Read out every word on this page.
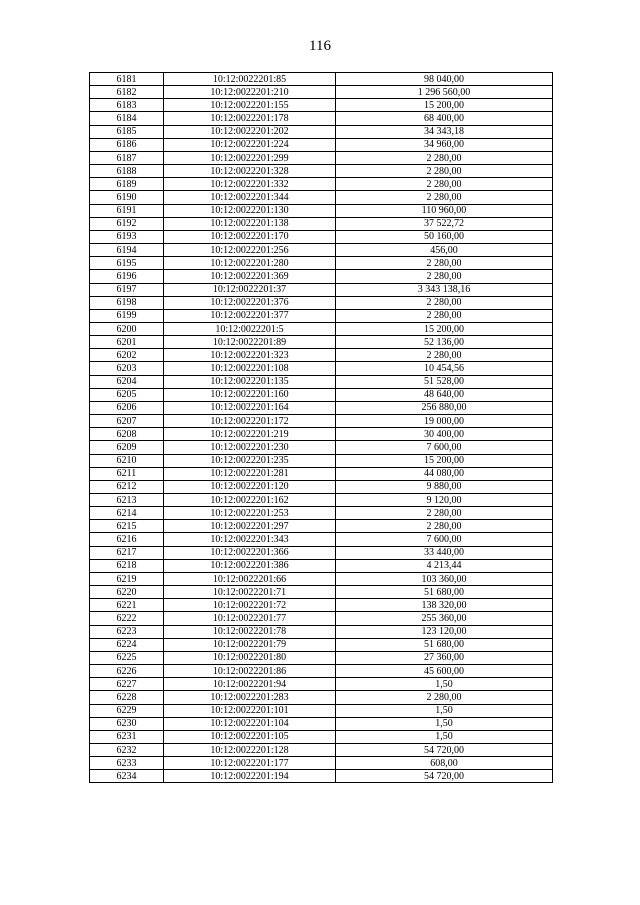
116
6181	10:12:0022201:85	98 040,00
6182	10:12:0022201:210	1 296 560,00
6183	10:12:0022201:155	15 200,00
6184	10:12:0022201:178	68 400,00
6185	10:12:0022201:202	34 343,18
6186	10:12:0022201:224	34 960,00
6187	10:12:0022201:299	2 280,00
6188	10:12:0022201:328	2 280,00
6189	10:12:0022201:332	2 280,00
6190	10:12:0022201:344	2 280,00
6191	10:12:0022201:130	110 960,00
6192	10:12:0022201:138	37 522,72
6193	10:12:0022201:170	50 160,00
6194	10:12:0022201:256	456,00
6195	10:12:0022201:280	2 280,00
6196	10:12:0022201:369	2 280,00
6197	10:12:0022201:37	3 343 138,16
6198	10:12:0022201:376	2 280,00
6199	10:12:0022201:377	2 280,00
6200	10:12:0022201:5	15 200,00
6201	10:12:0022201:89	52 136,00
6202	10:12:0022201:323	2 280,00
6203	10:12:0022201:108	10 454,56
6204	10:12:0022201:135	51 528,00
6205	10:12:0022201:160	48 640,00
6206	10:12:0022201:164	256 880,00
6207	10:12:0022201:172	19 000,00
6208	10:12:0022201:219	30 400,00
6209	10:12:0022201:230	7 600,00
6210	10:12:0022201:235	15 200,00
6211	10:12:0022201:281	44 080,00
6212	10:12:0022201:120	9 880,00
6213	10:12:0022201:162	9 120,00
6214	10:12:0022201:253	2 280,00
6215	10:12:0022201:297	2 280,00
6216	10:12:0022201:343	7 600,00
6217	10:12:0022201:366	33 440,00
6218	10:12:0022201:386	4 213,44
6219	10:12:0022201:66	103 360,00
6220	10:12:0022201:71	51 680,00
6221	10:12:0022201:72	138 320,00
6222	10:12:0022201:77	255 360,00
6223	10:12:0022201:78	123 120,00
6224	10:12:0022201:79	51 680,00
6225	10:12:0022201:80	27 360,00
6226	10:12:0022201:86	45 600,00
6227	10:12:0022201:94	1,50
6228	10:12:0022201:283	2 280,00
6229	10:12:0022201:101	1,50
6230	10:12:0022201:104	1,50
6231	10:12:0022201:105	1,50
6232	10:12:0022201:128	54 720,00
6233	10:12:0022201:177	608,00
6234	10:12:0022201:194	54 720,00
